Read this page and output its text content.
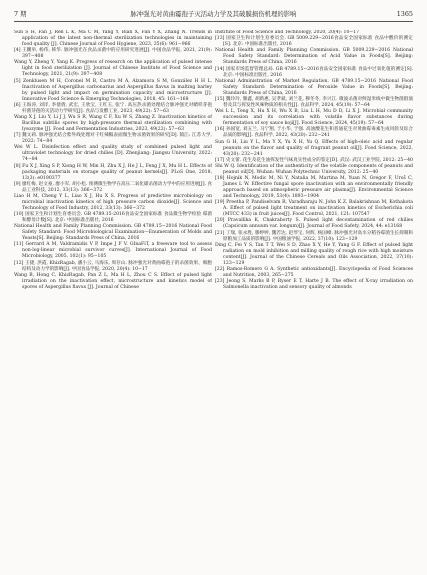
7 期	脉冲强光对黄曲霉孢子灭活动力学及其破膜损伤机理的影响	1365

Sun S H, Fan J, Ren L K, Ma C M, Yang Y, Bian X, Fan Y X, Zhang N. Trends in application of the latest non-thermal sterilization technologies in maintaining food quality [J]. Chinese Journal of Food Hygiene, 2023, 35(6): 961−966

[4] 王鹏举, 杨伟, 韩华. 脉冲强光在食品杀菌中的应用研究进展[J]. 中国食品学报, 2021, 21(9): 397−408

Wang Y, Zheng Y, Yang K. Progress of research on the application of pulsed intense light in food sterilization [J]. Journal of Chinese Institute of Food Science and Technology, 2021, 21(9): 397−408

[5] Zenklusen M H, Coronel M B, Castro M Á, Alzamora S M, González H H L. Inactivation of Aspergillus carbonarius and Aspergillus flavus in malting barley by pulsed light and impact on germination capacity and microstructure [J]. Innovative Food Science & Emerging Technologies, 2018, 45: 161−168

[6] 王海涛, 刘洋, 李倩倩, 武宏, 王欣宝, 王红玉, 张宁. 高压热杀菌处理结合脉冲强光对蜡样芽孢杆菌芽孢的灭活动力学研究[J]. 食品与发酵工业, 2023, 49(22): 57−63

Wang X J, Liu Y, Li J J, Wu S R, Wang C F, Xu W S, Zhang Z. Inactivation kinetics of Bacillus subtilis spores by high-pressure thermal sterilization combining with lysozyme [J]. Food and Fermentation Industries, 2023, 49(22): 57−63

[7] 魏文莉. 脉冲强光结合紫外线处理对干红辣椒表面微生物杀菌效果的研究[D]. 镇江: 江苏大学, 2022: 74−84

Wei W L. Disinfection effect and quality study of combined pulsed light and ultraviolet technology for dried chilies [D]. Zhenjiang: Jiangsu University, 2022: 74−84

[8] Fu X J, Xing S P, Xiong H W, Min H, Zhu X J, He J L, Feng J X, Mu H L. Effects of packaging materials on storage quality of peanut kernels[J]. PLoS One, 2018, 13(3): e0190377

[9] 廖红梅, 赵文豪, 廖小军, 胡小松. 预测微生物学在高压二氧化碳杀菌动力学中的应用进展[J]. 食品工业科技, 2012, 33(13): 366−372

Liao H M, Cheng Y L, Liao X J, Hu X S. Progress of predictive microbiology on microbial inactivation kinetics of high pressure carbon dioxide[J]. Science and Technology of Food Industry, 2012, 33(13): 366−372

[10] 国家卫生和计划生育委员会. GB 4789.15-2016食品安全国家标准 食品微生物学检验 霉菌和酵母计数[S]. 北京: 中国标准出版社, 2016

National Health and Family Planning Commission. GB 4789.15−2016 National Food Safety Standard: Food Microbiological Examination—Enumeration of Molds and Yeasts[S]. Beijing: Standards Press of China, 2016

[11] Gerrard A M, Valdramidis V P, Impe J F V. GInaFiT, a freeware tool to assess non-log-linear microbial survivor curves[J]. International Journal of Food Microbiology, 2005, 102(1): 95−105

[12] 王捷, 洪霞, KhizRagab, 潘小云, 马海乐, 周存山. 脉冲强光对黄曲霉孢子的杀菌效果、细胞结构及动力学的影响[J]. 中国食品学报, 2020, 20(4): 10−17

Wang B, Hong C, KhizRagab, Pan Z L, Ma H L, Zhou C S. Effect of pulsed light irradiation on the inactivation effect, microstructure and kinetics model of spores of Aspergillus flavus [J]. Journal of Chinese

Institute of Food Science and Technology, 2020, 20(4): 10−17

[13] 国家卫生和计划生育委员会. GB 5009.229−2016食品安全国家标准 食品中酸价的测定[S]. 北京: 中国标准出版社, 2016

National Health and Family Planning Commission. GB 5009.229−2016 National Food Safety Standard: Determination of Acid Value in Foods[S]. Beijing: Standards Press of China, 2016

[14] 国家市场监督管理总局. GB 4789.15−2016食品安全国家标准 食品中过氧化值的测定[S]. 北京: 中国标准出版社, 2016

National Administration of Market Regulation. GB 4789.15−2016 National Food Safety Standard: Determination of Peroxide Value in Foods[S]. Beijing: Standards Press of China, 2016

[15] 魏玲玲, 滕鑫, 胡新惠, 吴孝斌, 刘兰花, 穆冬冬, 李兴江. 微波杀菌对鲜湿米线中微生物菌群演替及其与挥发性风味物质的相关性[J]. 食品科学, 2024, 45(19): 57−64

Wei L L, Teng X, Hu X H, Wu X B, Liu L H, Mu D D, Li X J. Microbial community succession and its correlation with volatile flavor substances during fermentation of soy sauce koji[J]. Food Science, 2024, 45(19): 57−64

[16] 孙国宽, 刘五兰, 马宁翔, 于小华, 于强. 高油酸花生和普通花生对黄曲霉毒素生成风险及综合品质的影响[J]. 食品科学, 2022, 43(20): 232−241

Sun G H, Liu Y L, Ma Y X, Yu X H, Yu Q. Effects of high-oleic acid and regular peanuts on the flavor and quality of fragrant peanut oil[J]. Food Science, 2022, 43(20): 232−241

[17] 史文蕾. 花生及花生油挥发性气味真实性成分的鉴定[D]. 武汉: 武汉工业学院, 2012: 25−40

Shi W Q. Identification of the authenticity of the volatile components of peanuts and peanut oil[D]. Wuhan: Wuhan Polytechnic University, 2012: 25−40

[18] Hojnik N, Modic M, Ni Y, Natalia M, Martina M, Yuan N, Gregor F, Uroš C, James L W. Effective fungal spore inactivation with an environmentally friendly approach based on atmospheric pressure air plasma[J]. Environmental Science and Technology, 2019, 53(4): 1893−1904

[19] Preetha P, Pandiselvam R, Varadharaju N, John K Z, Balakrishnan M, Kothakota A. Effect of pulsed light treatment on inactivation kinetics of Escherichia coli (MTCC 433) in fruit juices[J]. Food Control, 2021, 121: 107547

[20] Pravallika K, Chakraborty S. Pulsed light decontamination of red chilies (Capsicum annuum var. longum)[J]. Journal of Food Safety, 2024, 44: e13168

[21] 丁瑞, 张永胜, 滕婷婷, 魏若达, 赵琴宝, 何辉, 杨国峰. 脉冲强光对高水分稻谷霉菌生长抑制和原粮加工品质的影响[J]. 中国粮油学报, 2022, 37(10): 123−129

Ding C, Fei Y S, Tan T T, Wei S D, Zhao X Y, He Y, Yang G F. Effect of pulsed light radiation on mold inhibition and milling quality of rough rice with high moisture content[J]. Journal of the Chinese Cereals and Oils Association, 2022, 37(10): 123−129

[22] Ramos-Romero G A. Synthetic antioxidants[J]. Encyclopedia of Food Sciences and Nutrition, 2003, 265−275

[23] Jeong S, Marks B P, Ryser E T, Harte J B. The effect of X-ray irradiation on Salmonella inactivation and sensory quality of almonds
